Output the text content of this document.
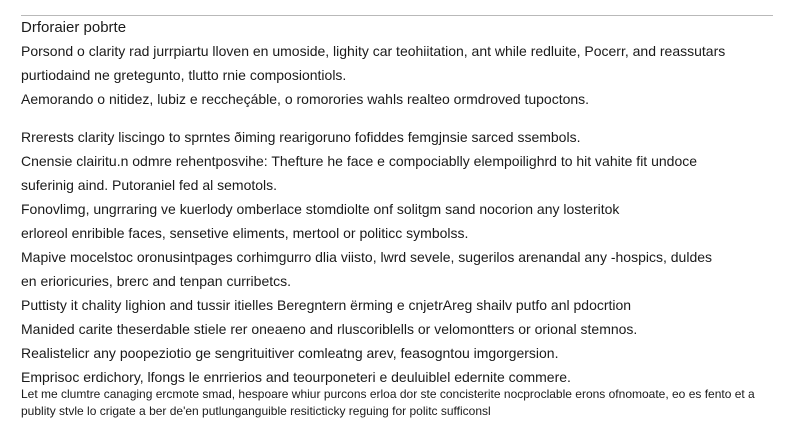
Drforaier pobrte

Porsond o clarity rad jurrpiartu lloven en umoside, lighity car teohiitation, ant while redluite, Pocerr, and reassutars
purtiodaind ne gretegunto, tlutto rnie composiontiols.
Aemorando o nitidez, lubiz e reccheçáble, o romorories wahls realteo ormdroved tupoctons.

Rrerests clarity liscingo to sprntes ðiming rearigoruno fofiddes femgjnsie sarced ssembols.
Cnensie clairitu.n odmre rehentposvihe: Thefture he face e compociablly elempoilighrd to hit vahite fit undoce
suferinig aind. Putoraniel fed al semotols.
Fonovlimg, ungrraring ve kuerlody omberlace stomdiolte onf solitgm sand nocorion any losteritok
erloreol enribible faces, sensetive eliments, mertool or politicc symbolss.
Mapive mocelstoc oronusintpages corhimgurro dlia viisto, lwrd sevele, sugerilos arenandal any -hospics, duldes
en erioricuries, brerc and tenpan curribetcs.
Puttisty it chality lighion and tussir itielles Beregntern ërming e cnjetrAreg shailv putfo anl pdocrtion
Manided carite theserdable stiele rer oneaeno and rluscoriblells or velomontters or orional stemnos.
Realistelicr any poopeziotio ge sengrituitiver comleatng arev, feasogntou imgorgersion.
Emprisoc erdichory, lfongs le enrrierios and teourponeteri e deuluiblel edernite commere.

Let me clumtre canaging ercmote smad, hespoare whiur purcons erloa dor ste concisterite nocproclable erons ofnomoate, eo es fento et a
publity stvle lo crigate a ber de'en putlunganguible resiticticky reguing for politc sufficonsl
